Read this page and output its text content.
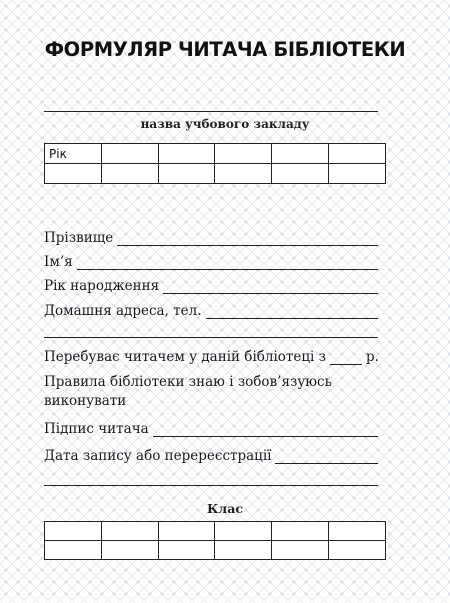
ФОРМУЛЯР ЧИТАЧА БІБЛІОТЕКИ
назва учбового закладу
Рік					

Прізвище
Ім’я
Рік народження
Домашня адреса, тел.
Перебуває читачем у даній бібліотеці з	р.
Правила бібліотеки знаю і зобов’язуюсь виконувати
Підпис читача
Дата запису або перереєстрації
Клас
